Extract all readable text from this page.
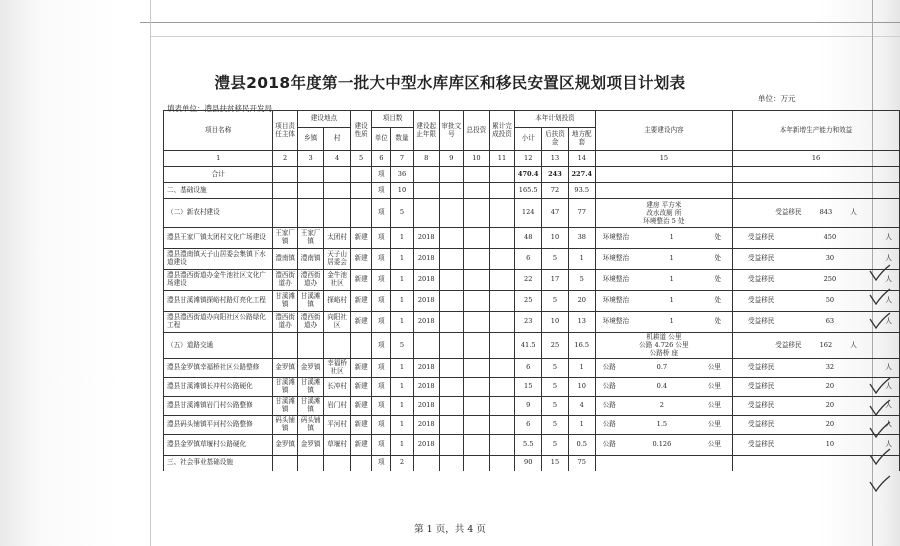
澧县2018年度第一批大中型水库库区和移民安置区规划项目计划表
单位：万元
填表单位：澧县扶贫移民开发局
项目名称	项目责任主体	建设地点		建设性质	项目数		建设起止年限	审批文号	总投资	累计完成投资	本年计划投资			主要建设内容	本年新增生产能力和效益
		乡镇	村		单位	数量					小计	后扶资金	地方配套		
1	2	3	4	5	6	7	8	9	10	11	12	13	14	15	16
合计					项	36					470.4	243	227.4		
二、基础设施					项	10					165.5	72	93.5		
（二）新农村建设					项	5					124	47	77	建房 平方米
改水改厕 所
环境整治 5 处	受益移民 843 人

澧县王家厂镇太团村文化广场建设	王家厂镇	王家厂镇	太团村	新建	项	1	2018				48	10	38	环境整治 1 处	受益移民 450 人

澧县澧南镇天子山居委会集镇下水道建设	澧南镇	澧南镇	天子山居委会	新建	项	1	2018				6	5	1	环境整治 1 处	受益移民 30 人

澧县澧西街道办金牛池社区文化广场建设	澧西街道办	澧西街道办	金牛池社区	新建	项	1	2018				22	17	5	环境整治 1 处	受益移民 250 人

澧县甘溪滩镇探峪村路灯亮化工程	甘溪滩镇	甘溪滩镇	探峪村	新建	项	1	2018				25	5	20	环境整治 1 处	受益移民 50 人

澧县澧西街道办向阳社区公路绿化工程	澧西街道办	澧西街道办	向阳社区	新建	项	1	2018				23	10	13	环境整治 1 处	受益移民 63 人

（五）道路交通					项	5					41.5	25	16.5	机耕道 公里
公路 4.726 公里
公路桥 座	受益移民 162 人

澧县金罗镇幸福桥社区公路整修	金罗镇	金罗镇	幸福桥社区	新建	项	1	2018				6	5	1	公路 0.7 公里	受益移民 32 人

澧县甘溪滩镇长冲村公路硬化	甘溪滩镇	甘溪滩镇	长冲村	新建	项	1	2018				15	5	10	公路 0.4 公里	受益移民 20 人

澧县甘溪滩镇岩门村公路整修	甘溪滩镇	甘溪滩镇	岩门村	新建	项	1	2018				9	5	4	公路 2 公里	受益移民 20 人

澧县码头铺镇平河村公路整修	码头铺镇	码头铺镇	平河村	新建	项	1	2018				6	5	1	公路 1.5 公里	受益移民 20 人

澧县金罗镇草堰村公路硬化	金罗镇	金罗镇	草堰村	新建	项	1	2018				5.5	5	0.5	公路 0.126 公里	受益移民 10 人

三、社会事业基础设施					项	2					90	15	75		
第 1 页，共 4 页
